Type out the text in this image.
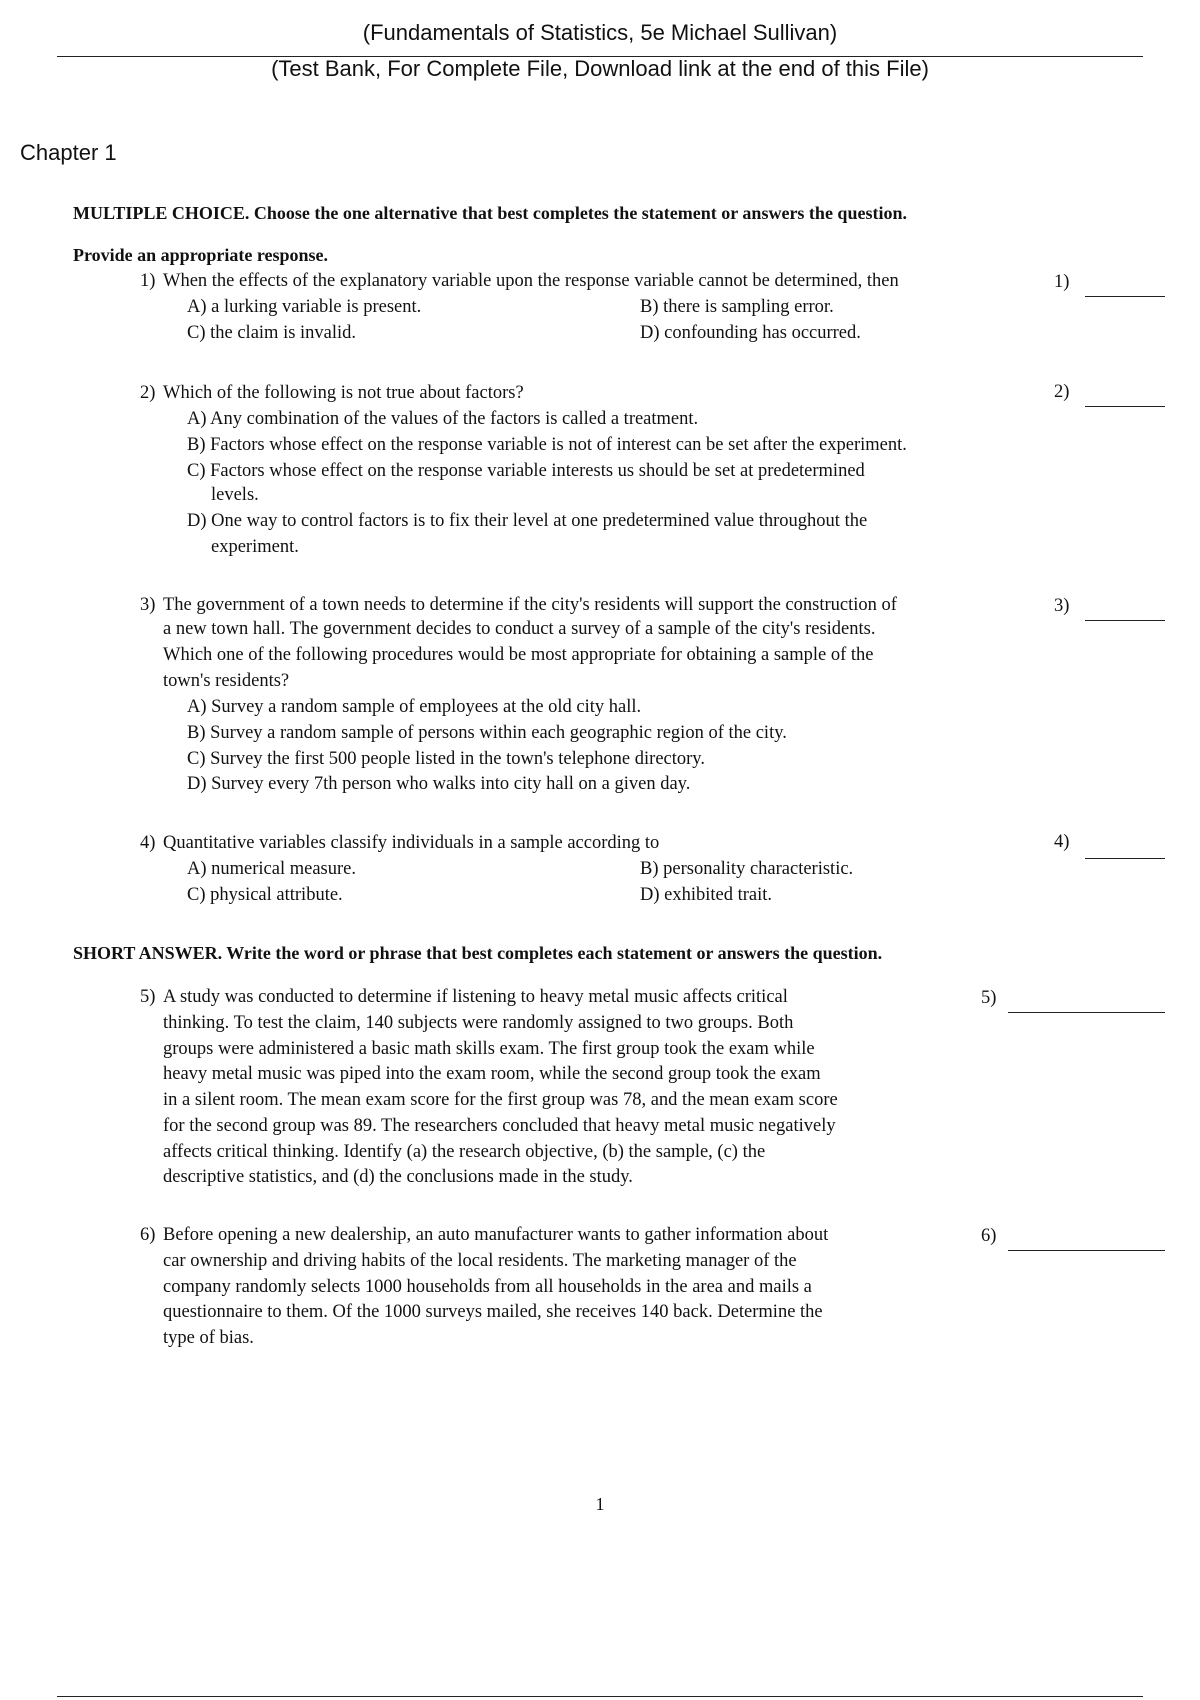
(Fundamentals of Statistics, 5e Michael Sullivan)
(Test Bank, For Complete File, Download link at the end of this File)
Chapter 1
MULTIPLE CHOICE. Choose the one alternative that best completes the statement or answers the question.
Provide an appropriate response.
1) When the effects of the explanatory variable upon the response variable cannot be determined, then
A) a lurking variable is present.	B) there is sampling error.
C) the claim is invalid.	D) confounding has occurred.
1)
2) Which of the following is not true about factors?
A) Any combination of the values of the factors is called a treatment.
B) Factors whose effect on the response variable is not of interest can be set after the experiment.
C) Factors whose effect on the response variable interests us should be set at predetermined
levels.
D) One way to control factors is to fix their level at one predetermined value throughout the
experiment.
2)
3) The government of a town needs to determine if the city's residents will support the construction of
a new town hall. The government decides to conduct a survey of a sample of the city's residents.
Which one of the following procedures would be most appropriate for obtaining a sample of the
town's residents?
A) Survey a random sample of employees at the old city hall.
B) Survey a random sample of persons within each geographic region of the city.
C) Survey the first 500 people listed in the town's telephone directory.
D) Survey every 7th person who walks into city hall on a given day.
3)
4) Quantitative variables classify individuals in a sample according to
A) numerical measure.	B) personality characteristic.
C) physical attribute.	D) exhibited trait.
4)
SHORT ANSWER. Write the word or phrase that best completes each statement or answers the question.
5) A study was conducted to determine if listening to heavy metal music affects critical
thinking. To test the claim, 140 subjects were randomly assigned to two groups. Both
groups were administered a basic math skills exam. The first group took the exam while
heavy metal music was piped into the exam room, while the second group took the exam
in a silent room. The mean exam score for the first group was 78, and the mean exam score
for the second group was 89. The researchers concluded that heavy metal music negatively
affects critical thinking. Identify (a) the research objective, (b) the sample, (c) the
descriptive statistics, and (d) the conclusions made in the study.
5)
6) Before opening a new dealership, an auto manufacturer wants to gather information about
car ownership and driving habits of the local residents. The marketing manager of the
company randomly selects 1000 households from all households in the area and mails a
questionnaire to them. Of the 1000 surveys mailed, she receives 140 back. Determine the
type of bias.
6)
1
